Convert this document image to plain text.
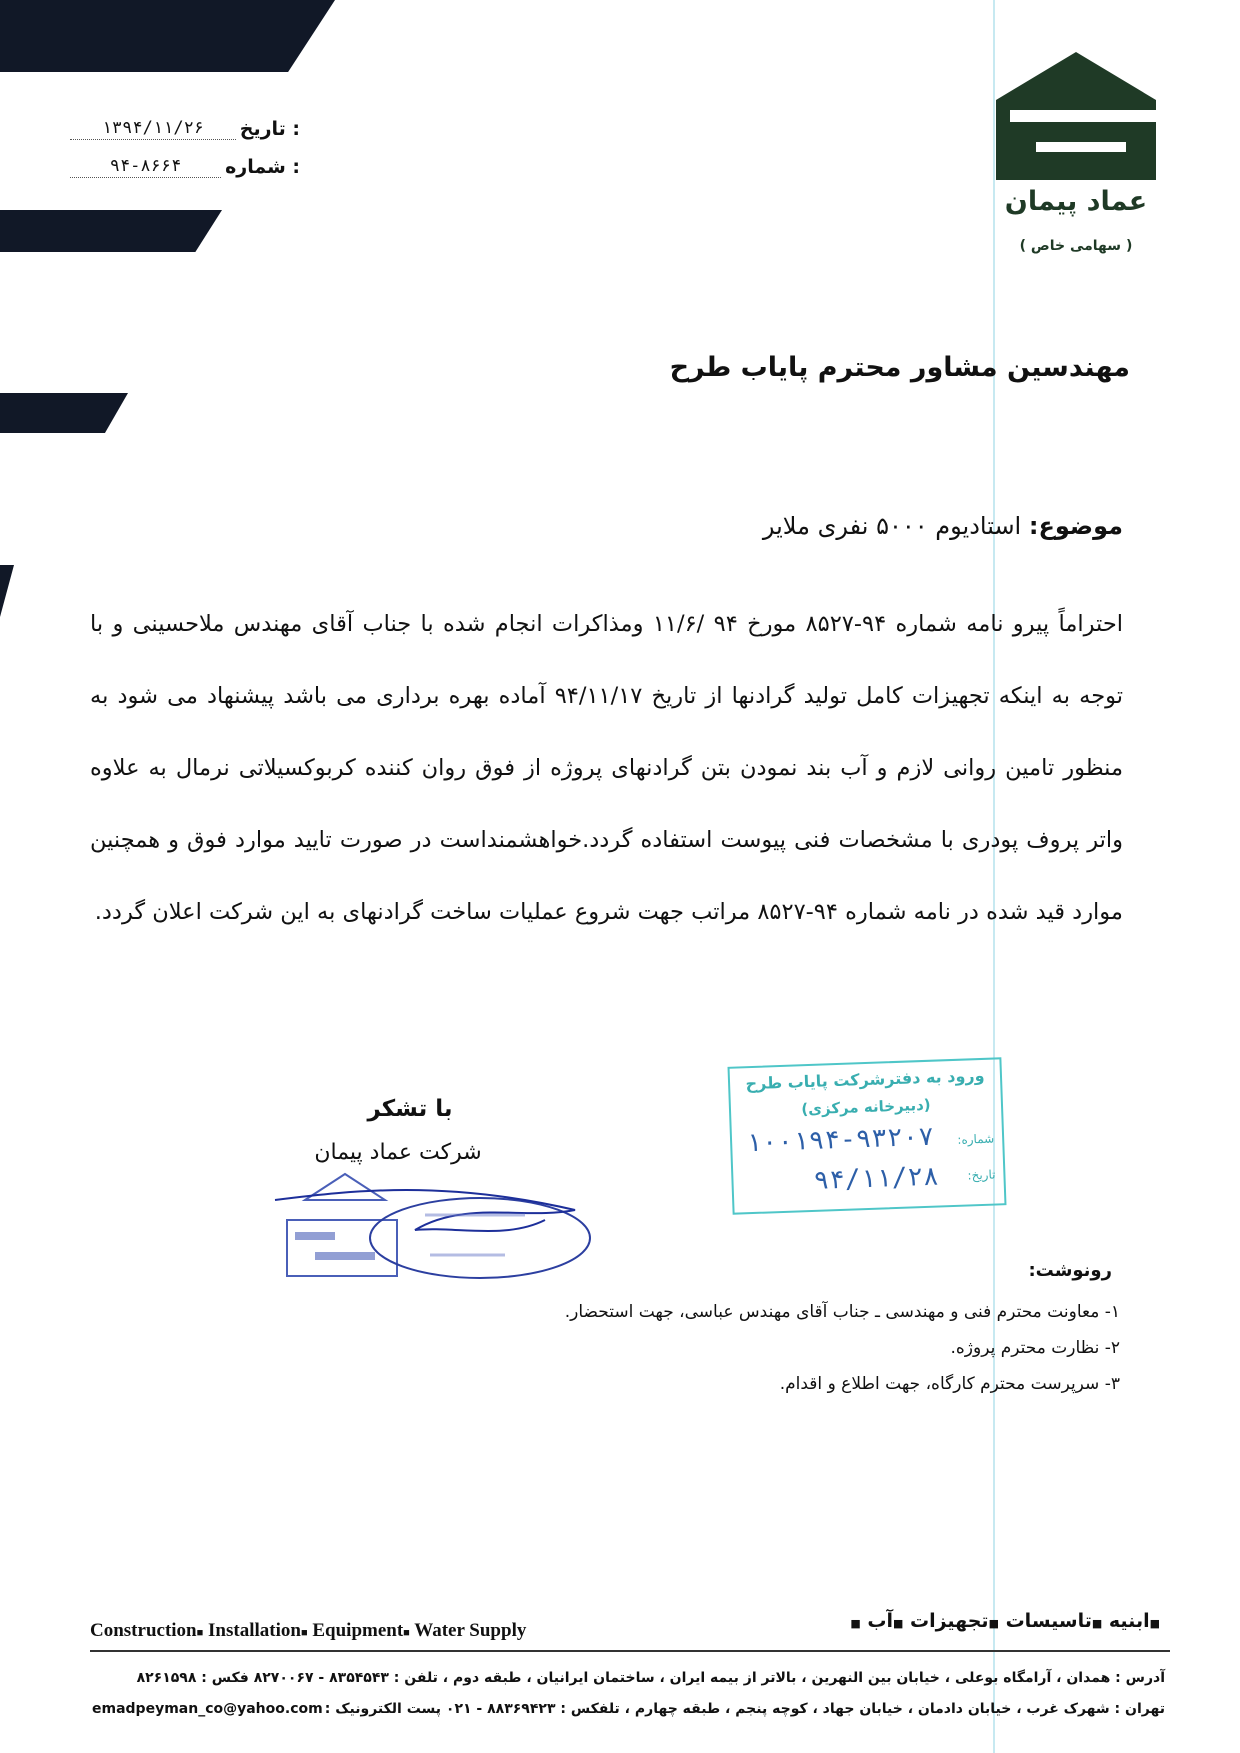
عماد پیمان
( سهامی خاص )
: تاریخ
۱۳۹۴/۱۱/۲۶
: شماره
۹۴-۸۶۶۴
مهندسین مشاور محترم پایاب طرح
موضوع: استادیوم ۵۰۰۰ نفری ملایر
احتراماً پیرو نامه شماره ۹۴-۸۵۲۷ مورخ ۹۴ /۱۱/۶ ومذاکرات انجام شده با جناب آقای مهندس ملاحسینی و با توجه به اینکه تجهیزات کامل تولید گرادنها از تاریخ ۹۴/۱۱/۱۷ آماده بهره برداری می باشد پیشنهاد می شود به منظور تامین روانی لازم و آب بند نمودن بتن گرادنهای پروژه از فوق روان کننده کربوکسیلاتی نرمال به علاوه واتر پروف پودری با مشخصات فنی پیوست استفاده گردد.خواهشمنداست در صورت تایید موارد فوق و همچنین موارد قید شده در نامه شماره ۹۴-۸۵۲۷ مراتب جهت شروع عملیات ساخت گرادنهای به این شرکت اعلان گردد.
با تشکر
شرکت عماد پیمان
ورود به دفترشرکت پایاب طرح
(دبیرخانه مرکزی)
شماره:
۱۰۰۱۹۴-۹۳۲۰۷
تاریخ:
۹۴/۱۱/۲۸
رونوشت:
۱- معاونت محترم فنی و مهندسی ـ جناب آقای مهندس عباسی، جهت استحضار.
۲- نظارت محترم پروژه.
۳- سرپرست محترم کارگاه، جهت اطلاع و اقدام.
Construction■ Installation■ Equipment■ Water Supply	■ابنیه ■تاسیسات ■تجهیزات ■آب ■
آدرس : همدان ، آرامگاه بوعلی ، خیابان بین النهرین ، بالاتر از بیمه ایران ، ساختمان ایرانیان ، طبقه دوم ، تلفن : ۸۳۵۴۵۴۳ - ۸۲۷۰۰۶۷ فکس : ۸۲۶۱۵۹۸
تهران : شهرک غرب ، خیابان دادمان ، خیابان جهاد ، کوچه پنجم ، طبقه چهارم ، تلفکس : ۸۸۳۶۹۴۲۳ - ۰۲۱ پست الکترونیک :
emadpeyman_co@yahoo.com
